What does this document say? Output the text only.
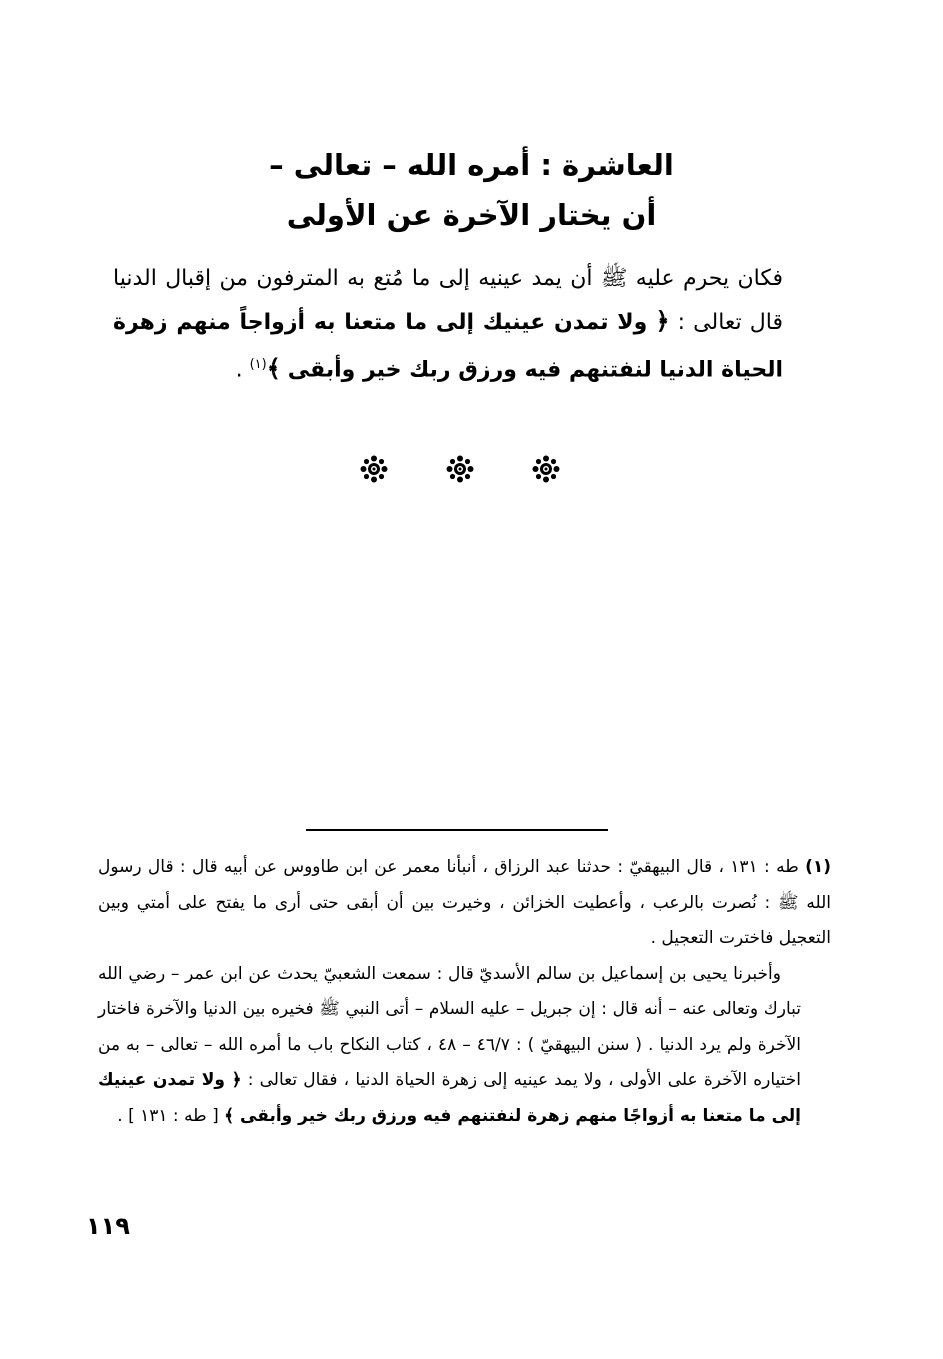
العاشرة : أمره الله – تعالى –
أن يختار الآخرة عن الأولى

فكان يحرم عليه ﷺ أن يمد عينيه إلى ما مُتع به المترفون من إقبال الدنيا قال تعالى : ﴿ ولا تمدن عينيك إلى ما متعنا به أزواجاً منهم زهرة الحياة الدنيا لنفتنهم فيه ورزق ربك خير وأبقى ﴾$^{(١)}$ .

(١) طه : ١٣١ ، قال البيهقيّ : حدثنا عبد الرزاق ، أنبأنا معمر عن ابن طاووس عن أبيه قال : قال رسول الله ﷺ : نُصرت بالرعب ، وأعطيت الخزائن ، وخيرت بين أن أبقى حتى أرى ما يفتح على أمتي وبين التعجيل فاخترت التعجيل .

وأخبرنا يحيى بن إسماعيل بن سالم الأسديّ قال : سمعت الشعبيّ يحدث عن ابن عمر – رضي الله تبارك وتعالى عنه – أنه قال : إن جبريل – عليه السلام – أتى النبي ﷺ فخيره بين الدنيا والآخرة فاختار الآخرة ولم يرد الدنيا . ( سنن البيهقيّ ) : ٤٦/٧ – ٤٨ ، كتاب النكاح باب ما أمره الله – تعالى – به من اختياره الآخرة على الأولى ، ولا يمد عينيه إلى زهرة الحياة الدنيا ، فقال تعالى : ﴿ ولا تمدن عينيك إلى ما متعنا به أزواجًا منهم زهرة لنفتنهم فيه ورزق ربك خير وأبقى ﴾ [ طه : ١٣١ ] .

١١٩
